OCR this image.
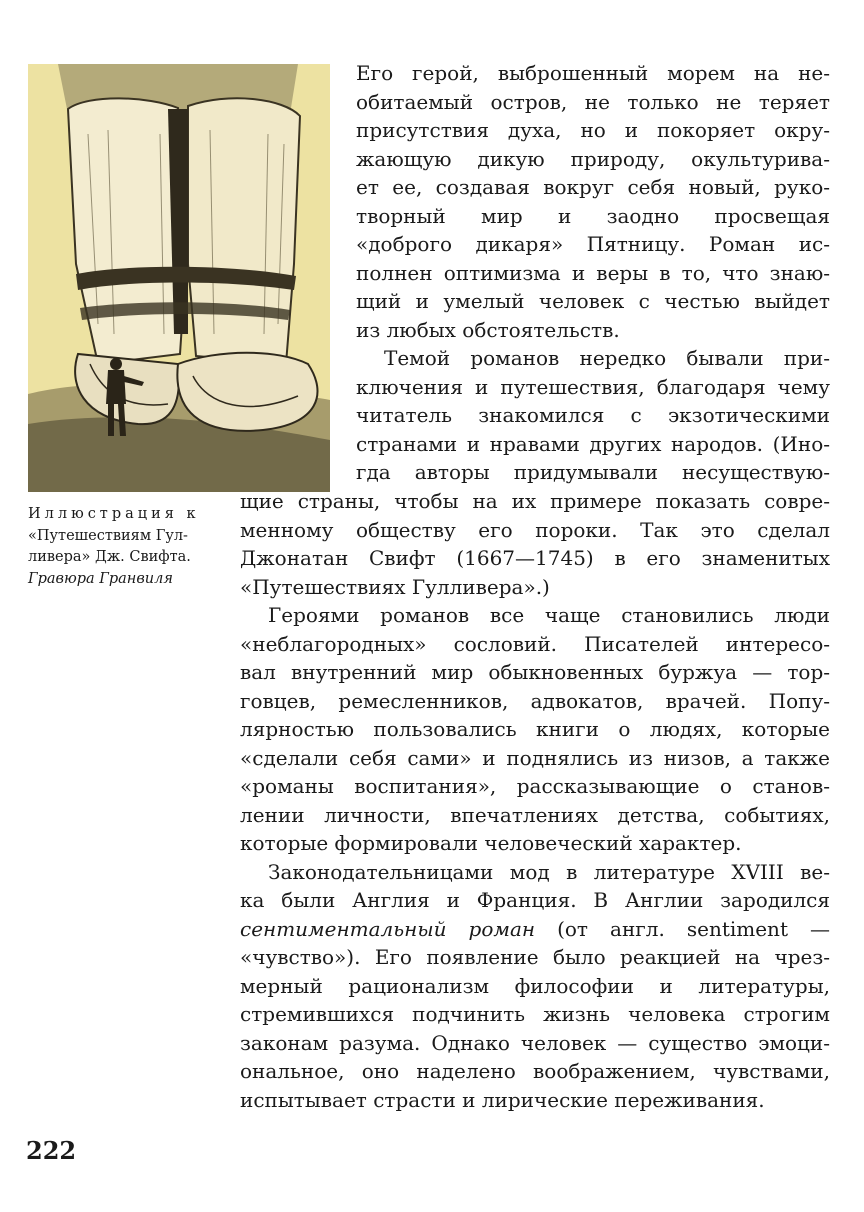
Иллюстрация к
«Путешествиям Гул-
ливера» Дж. Свифта.
Гравюра Гранвиля
Его герой, выброшенный морем на не-
обитаемый остров, не только не теряет
присутствия духа, но и покоряет окру-
жающую дикую природу, окультурива-
ет ее, создавая вокруг себя новый, руко-
творный мир и заодно просвещая
«доброго дикаря» Пятницу. Роман ис-
полнен оптимизма и веры в то, что знаю-
щий и умелый человек с честью выйдет
из любых обстоятельств.
Темой романов нередко бывали при-
ключения и путешествия, благодаря чему
читатель знакомился с экзотическими
странами и нравами других народов. (Ино-
гда авторы придумывали несуществую-
щие страны, чтобы на их примере показать совре-
менному обществу его пороки. Так это сделал
Джонатан Свифт (1667—1745) в его знаменитых
«Путешествиях Гулливера».)
Героями романов все чаще становились люди
«неблагородных» сословий. Писателей интересо-
вал внутренний мир обыкновенных буржуа — тор-
говцев, ремесленников, адвокатов, врачей. Попу-
лярностью пользовались книги о людях, которые
«сделали себя сами» и поднялись из низов, а также
«романы воспитания», рассказывающие о станов-
лении личности, впечатлениях детства, событиях,
которые формировали человеческий характер.
Законодательницами мод в литературе XVIII ве-
ка были Англия и Франция. В Англии зародился
сентиментальный роман (от англ. sentiment —
«чувство»). Его появление было реакцией на чрез-
мерный рационализм философии и литературы,
стремившихся подчинить жизнь человека строгим
законам разума. Однако человек — существо эмоци-
ональное, оно наделено воображением, чувствами,
испытывает страсти и лирические переживания.
222
